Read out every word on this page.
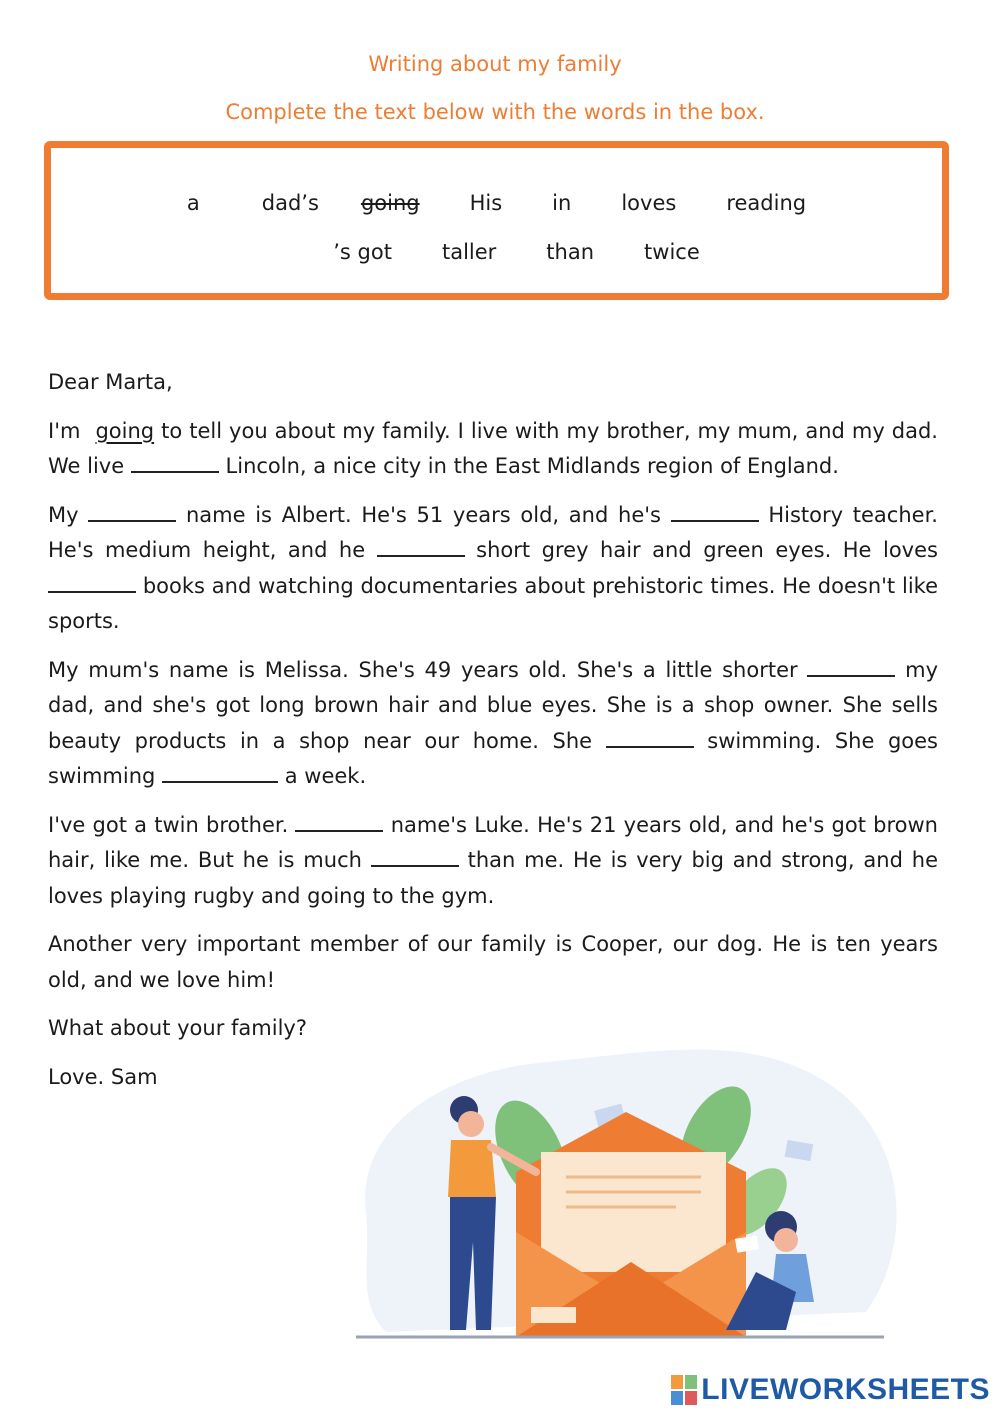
Writing about my family
Complete the text below with the words in the box.
a	dad’s going His in loves reading
’s got taller than twice

Dear Marta,

I'm going to tell you about my family. I live with my brother, my mum, and my dad. We live	Lincoln, a nice city in the East Midlands region of England.

My	name is Albert. He's 51 years old, and he's	History teacher. He's medium height, and he	short grey hair and green eyes. He loves  books and watching documentaries about prehistoric times. He doesn't like sports.

My mum's name is Melissa. She's 49 years old. She's a little shorter	my dad, and she's got long brown hair and blue eyes. She is a shop owner. She sells beauty products in a shop near our home. She	swimming. She goes swimming	a week.

I've got a twin brother.	name's Luke. He's 21 years old, and he's got brown hair, like me. But he is much	than me. He is very big and strong, and he loves playing rugby and going to the gym.

Another very important member of our family is Cooper, our dog. He is ten years old, and we love him!

What about your family?

Love. Sam

LIVEWORKSHEETS
